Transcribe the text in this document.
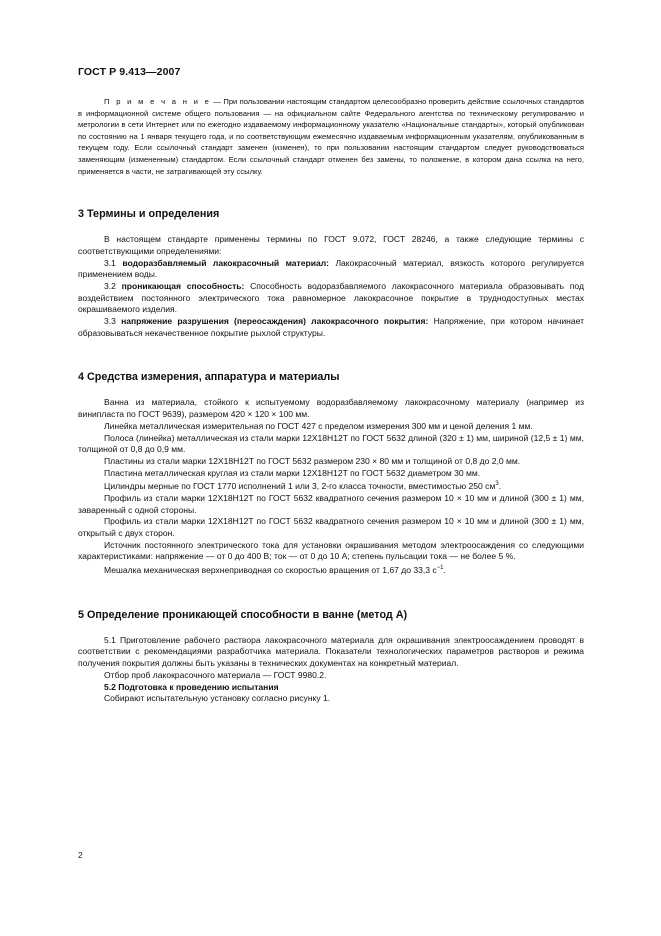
ГОСТ Р 9.413—2007

П р и м е ч а н и е — При пользовании настоящим стандартом целесообразно проверить действие ссылочных стандартов в информационной системе общего пользования — на официальном сайте Федерального агентства по техническому регулированию и метрологии в сети Интернет или по ежегодно издаваемому информационному указателю «Национальные стандарты», который опубликован по состоянию на 1 января текущего года, и по соответствующим ежемесячно издаваемым информационным указателям, опубликованным в текущем году. Если ссылочный стандарт заменен (изменен), то при пользовании настоящим стандартом следует руководствоваться заменяющим (измененным) стандартом. Если ссылочный стандарт отменен без замены, то положение, в котором дана ссылка на него, применяется в части, не затрагивающей эту ссылку.

3 Термины и определения

В настоящем стандарте применены термины по ГОСТ 9.072, ГОСТ 28246, а также следующие термины с соответствующими определениями:

3.1 водоразбавляемый лакокрасочный материал: Лакокрасочный материал, вязкость которого регулируется применением воды.

3.2 проникающая способность: Способность водоразбавляемого лакокрасочного материала образовывать под воздействием постоянного электрического тока равномерное лакокрасочное покрытие в труднодоступных местах окрашиваемого изделия.

3.3 напряжение разрушения (переосаждения) лакокрасочного покрытия: Напряжение, при котором начинает образовываться некачественное покрытие рыхлой структуры.

4 Средства измерения, аппаратура и материалы

Ванна из материала, стойкого к испытуемому водоразбавляемому лакокрасочному материалу (например из винипласта по ГОСТ 9639), размером 420 × 120 × 100 мм.

Линейка металлическая измерительная по ГОСТ 427 с пределом измерения 300 мм и ценой деления 1 мм.

Полоса (линейка) металлическая из стали марки 12Х18Н12Т по ГОСТ 5632 длиной (320 ± 1) мм, шириной (12,5 ± 1) мм, толщиной от 0,8 до 0,9 мм.

Пластины из стали марки 12Х18Н12Т по ГОСТ 5632 размером 230 × 80 мм и толщиной от 0,8 до 2,0 мм.

Пластина металлическая круглая из стали марки 12Х18Н12Т по ГОСТ 5632 диаметром 30 мм.

Цилиндры мерные по ГОСТ 1770 исполнений 1 или 3, 2-го класса точности, вместимостью 250 $см^3$.

Профиль из стали марки 12Х18Н12Т по ГОСТ 5632 квадратного сечения размером 10 × 10 мм и длиной (300 ± 1) мм, заваренный с одной стороны.

Профиль из стали марки 12Х18Н12Т по ГОСТ 5632 квадратного сечения размером 10 × 10 мм и длиной (300 ± 1) мм, открытый с двух сторон.

Источник постоянного электрического тока для установки окрашивания методом электроосаждения со следующими характеристиками: напряжение — от 0 до 400 В; ток — от 0 до 10 А; степень пульсации тока — не более 5 %.

Мешалка механическая верхнеприводная со скоростью вращения от 1,67 до 33,3 $с^{-1}$.

5 Определение проникающей способности в ванне (метод А)

5.1 Приготовление рабочего раствора лакокрасочного материала для окрашивания электроосаждением проводят в соответствии с рекомендациями разработчика материала. Показатели технологических параметров растворов и режима получения покрытия должны быть указаны в технических документах на конкретный материал.

Отбор проб лакокрасочного материала — ГОСТ 9980.2.

5.2 Подготовка к проведению испытания

Собирают испытательную установку согласно рисунку 1.

2
